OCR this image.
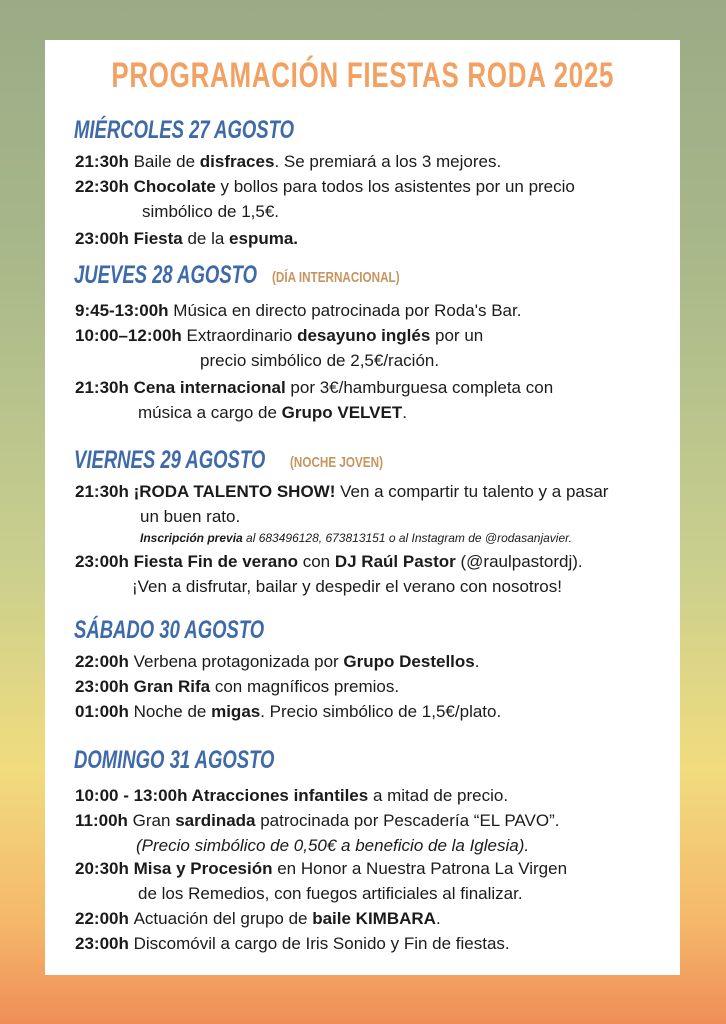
PROGRAMACIÓN FIESTAS RODA 2025
MIÉRCOLES 27 AGOSTO
21:30h Baile de disfraces. Se premiará a los 3 mejores.
22:30h Chocolate y bollos para todos los asistentes por un precio
simbólico de 1,5€.
23:00h Fiesta de la espuma.
JUEVES 28 AGOSTO (DÍA INTERNACIONAL)
9:45-13:00h Música en directo patrocinada por Roda's Bar.
10:00–12:00h Extraordinario desayuno inglés por un
precio simbólico de 2,5€/ración.
21:30h Cena internacional por 3€/hamburguesa completa con
música a cargo de Grupo VELVET.
VIERNES 29 AGOSTO (NOCHE JOVEN)
21:30h ¡RODA TALENTO SHOW! Ven a compartir tu talento y a pasar
un buen rato.
Inscripción previa al 683496128, 673813151 o al Instagram de @rodasanjavier.
23:00h Fiesta Fin de verano con DJ Raúl Pastor (@raulpastordj).
¡Ven a disfrutar, bailar y despedir el verano con nosotros!
SÁBADO 30 AGOSTO
22:00h Verbena protagonizada por Grupo Destellos.
23:00h Gran Rifa con magníficos premios.
01:00h Noche de migas. Precio simbólico de 1,5€/plato.
DOMINGO 31 AGOSTO
10:00 - 13:00h Atracciones infantiles a mitad de precio.
11:00h Gran sardinada patrocinada por Pescadería “EL PAVO”.
(Precio simbólico de 0,50€ a beneficio de la Iglesia).
20:30h Misa y Procesión en Honor a Nuestra Patrona La Virgen
de los Remedios, con fuegos artificiales al finalizar.
22:00h Actuación del grupo de baile KIMBARA.
23:00h Discomóvil a cargo de Iris Sonido y Fin de fiestas.
